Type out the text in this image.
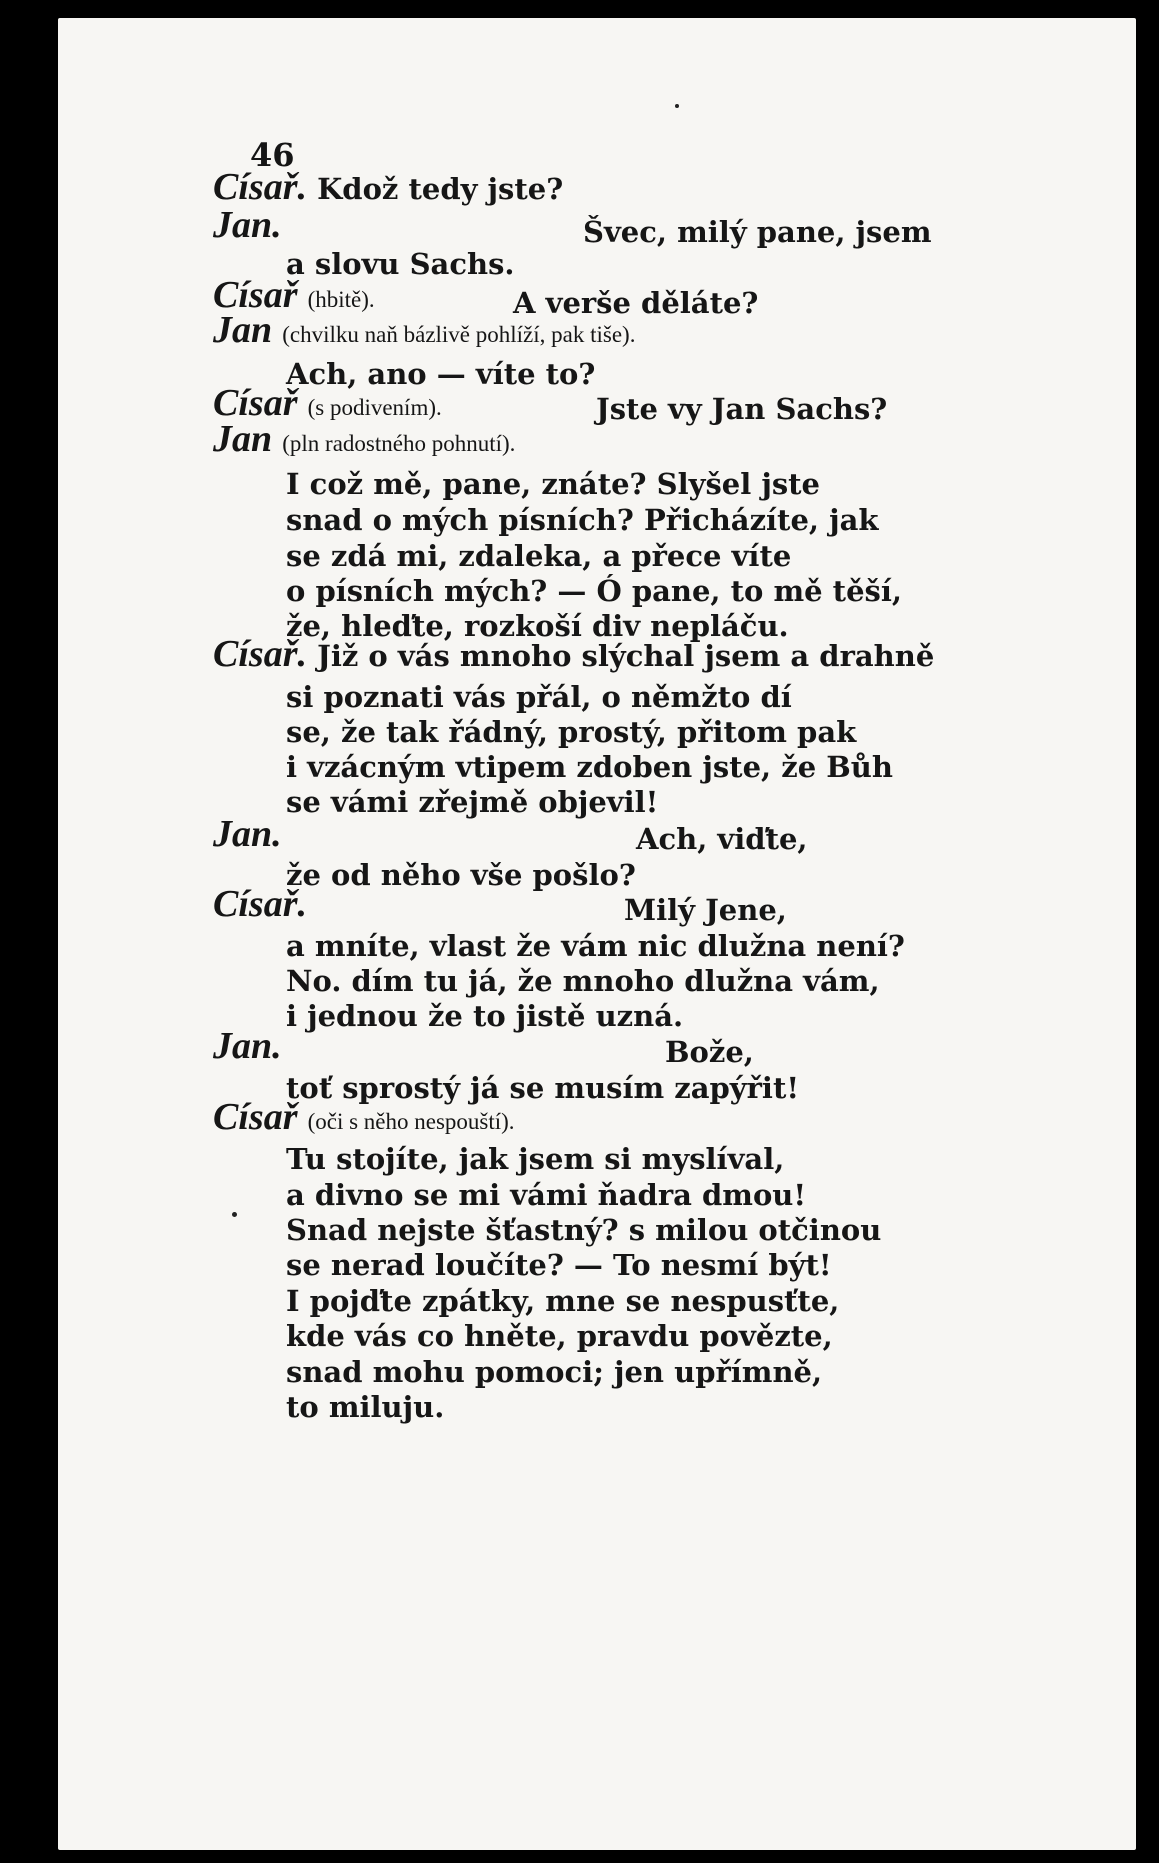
46
Císař. Kdož tedy jste?
Jan.	Švec, milý pane, jsem
a slovu Sachs.
Císař (hbitě).	A verše děláte?
Jan (chvilku naň bázlivě pohlíží, pak tiše).
Ach, ano — víte to?
Císař (s podivením).	Jste vy Jan Sachs?
Jan (pln radostného pohnutí).
I což mě, pane, znáte? Slyšel jste
snad o mých písních? Přicházíte, jak
se zdá mi, zdaleka, a přece víte
o písních mých? — Ó pane, to mě těší,
že, hleďte, rozkoší div nepláču.
Císař. Již o vás mnoho slýchal jsem a drahně
si poznati vás přál, o němžto dí
se, že tak řádný, prostý, přitom pak
i vzácným vtipem zdoben jste, že Bůh
se vámi zřejmě objevil!
Jan.	Ach, viďte,
že od něho vše pošlo?
Císař.	Milý Jene,
a mníte, vlast že vám nic dlužna není?
No. dím tu já, že mnoho dlužna vám,
i jednou že to jistě uzná.
Jan.	Bože,
toť sprostý já se musím zapýřit!
Císař (oči s něho nespouští).
Tu stojíte, jak jsem si myslíval,
a divno se mi vámi ňadra dmou!
Snad nejste šťastný? s milou otčinou
se nerad loučíte? — To nesmí být!
I pojďte zpátky, mne se nespusťte,
kde vás co hněte, pravdu povězte,
snad mohu pomoci; jen upřímně,
to miluju.
